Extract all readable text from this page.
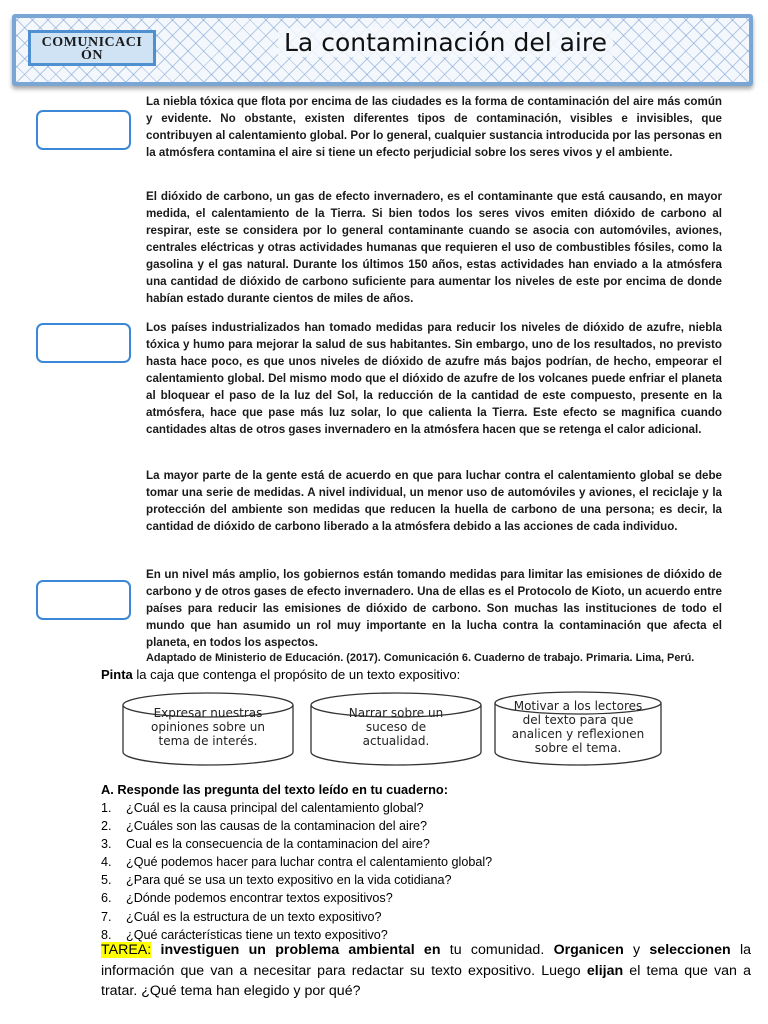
COMUNICACIÓN	La contaminación del aire

La niebla tóxica que flota por encima de las ciudades es la forma de contaminación del aire más común y evidente. No obstante, existen diferentes tipos de contaminación, visibles e invisibles, que contribuyen al calentamiento global. Por lo general, cualquier sustancia introducida por las personas en la atmósfera contamina el aire si tiene un efecto perjudicial sobre los seres vivos y el ambiente.

El dióxido de carbono, un gas de efecto invernadero, es el contaminante que está causando, en mayor medida, el calentamiento de la Tierra. Si bien todos los seres vivos emiten dióxido de carbono al respirar, este se considera por lo general contaminante cuando se asocia con automóviles, aviones, centrales eléctricas y otras actividades humanas que requieren el uso de combustibles fósiles, como la gasolina y el gas natural. Durante los últimos 150 años, estas actividades han enviado a la atmósfera una cantidad de dióxido de carbono suficiente para aumentar los niveles de este por encima de donde habían estado durante cientos de miles de años.

Los países industrializados han tomado medidas para reducir los niveles de dióxido de azufre, niebla tóxica y humo para mejorar la salud de sus habitantes. Sin embargo, uno de los resultados, no previsto hasta hace poco, es que unos niveles de dióxido de azufre más bajos podrían, de hecho, empeorar el calentamiento global. Del mismo modo que el dióxido de azufre de los volcanes puede enfriar el planeta al bloquear el paso de la luz del Sol, la reducción de la cantidad de este compuesto, presente en la atmósfera, hace que pase más luz solar, lo que calienta la Tierra. Este efecto se magnifica cuando cantidades altas de otros gases invernadero en la atmósfera hacen que se retenga el calor adicional.

La mayor parte de la gente está de acuerdo en que para luchar contra el calentamiento global se debe tomar una serie de medidas. A nivel individual, un menor uso de automóviles y aviones, el reciclaje y la protección del ambiente son medidas que reducen la huella de carbono de una persona; es decir, la cantidad de dióxido de carbono liberado a la atmósfera debido a las acciones de cada individuo.

En un nivel más amplio, los gobiernos están tomando medidas para limitar las emisiones de dióxido de carbono y de otros gases de efecto invernadero. Una de ellas es el Protocolo de Kioto, un acuerdo entre países para reducir las emisiones de dióxido de carbono. Son muchas las instituciones de todo el mundo que han asumido un rol muy importante en la lucha contra la contaminación que afecta el planeta, en todos los aspectos.

Adaptado de Ministerio de Educación. (2017). Comunicación 6. Cuaderno de trabajo. Primaria. Lima, Perú.

Pinta la caja que contenga el propósito de un texto expositivo:

Expresar nuestras opiniones sobre un tema de interés.
Narrar sobre un suceso de actualidad.
Motivar a los lectores del texto para que analicen y reflexionen sobre el tema.

A. Responde las pregunta del texto leído en tu cuaderno:

1. ¿Cuál es la causa principal del calentamiento global?
2. ¿Cuáles son las causas de la contaminacion del aire?
3. Cual es la consecuencia de la contaminacion del aire?
4. ¿Qué podemos hacer para luchar contra el calentamiento global?
5. ¿Para qué se usa un texto expositivo en la vida cotidiana?
6. ¿Dónde podemos encontrar textos expositivos?
7. ¿Cuál es la estructura de un texto expositivo?
8. ¿Qué carácterísticas tiene un texto expositivo?

TAREA: investiguen un problema ambiental en tu comunidad. Organicen y seleccionen la información que van a necesitar para redactar su texto expositivo. Luego elijan el tema que van a tratar. ¿Qué tema han elegido y por qué?
